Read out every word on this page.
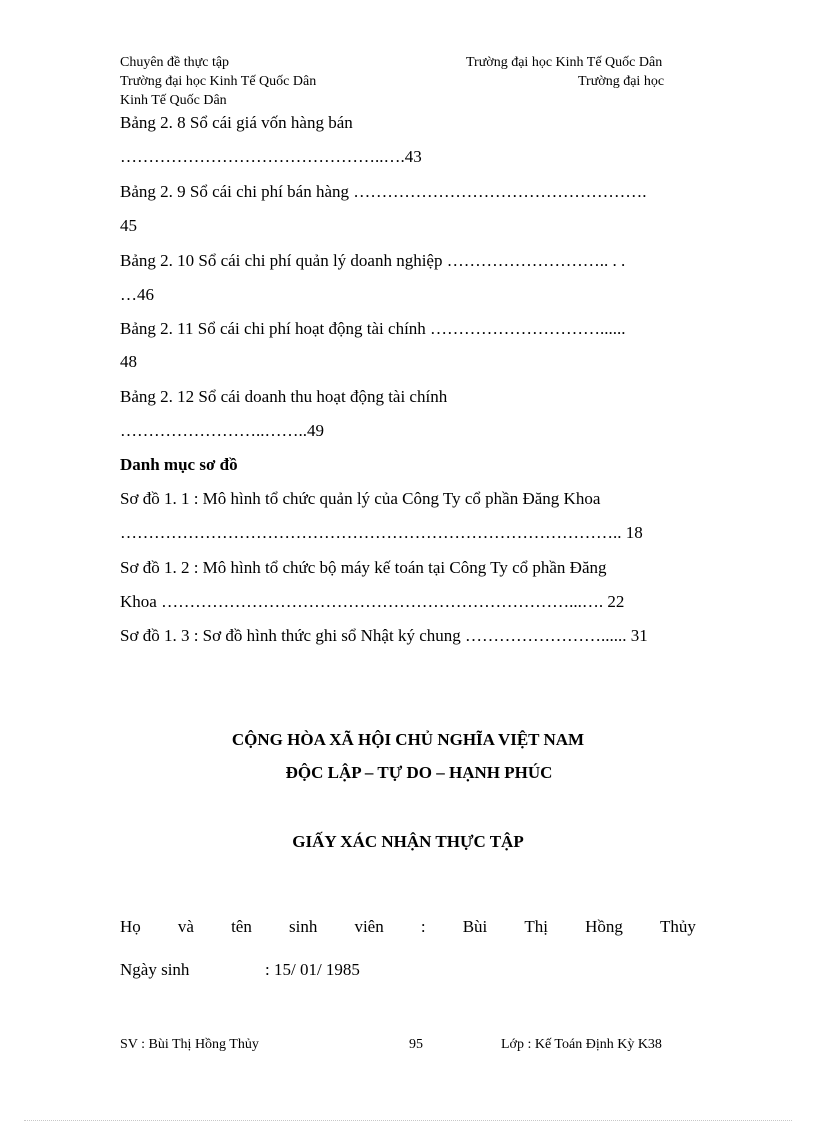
Chuyên đề thực tập	Trường đại học Kinh Tế Quốc Dân
Trường đại học Kinh Tế Quốc Dân	Trường đại học
Kinh Tế Quốc Dân
Bảng 2. 8 Sổ cái giá vốn hàng bán
………………………………………..….43
Bảng 2. 9 Sổ cái chi phí bán hàng …………………………………………….
45
Bảng 2. 10 Sổ cái chi phí quản lý doanh nghiệp ……………………….. . .
…46
Bảng 2. 11 Sổ cái chi phí hoạt động tài chính …………………………......
48
Bảng 2. 12 Sổ cái doanh thu hoạt động tài chính
……………………..……..49
Danh mục sơ đồ
Sơ đồ 1. 1 : Mô hình tổ chức quản lý của Công Ty cổ phần Đăng Khoa
…………………………………………………………………………….. 18
Sơ đồ 1. 2 : Mô hình tổ chức bộ máy kế toán tại Công Ty cổ phần Đăng
Khoa ………………………………………………………………...…. 22
Sơ đồ 1. 3 : Sơ đồ hình thức ghi sổ Nhật ký chung ……………………...... 31
CỘNG HÒA XÃ HỘI CHỦ NGHĨA VIỆT NAM
ĐỘC LẬP – TỰ DO – HẠNH PHÚC
GIẤY XÁC NHẬN THỰC TẬP
Họ và tên sinh viên : Bùi Thị Hồng Thủy
Ngày sinh	: 15/ 01/ 1985
SV : Bùi Thị Hồng Thủy	95	Lớp : Kế Toán Định Kỳ K38
